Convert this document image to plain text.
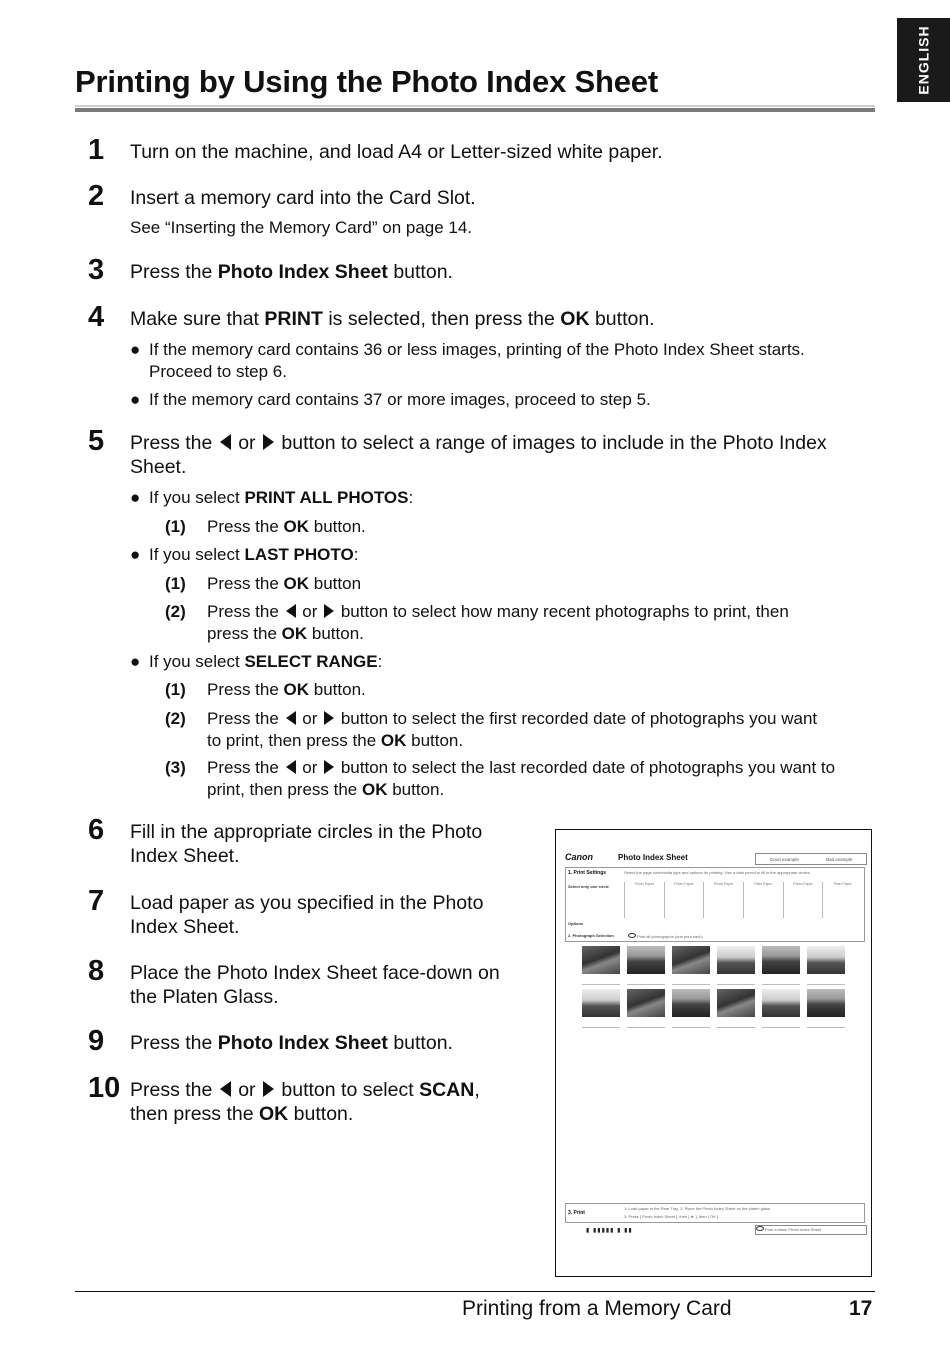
ENGLISH
Printing by Using the Photo Index Sheet
1 Turn on the machine, and load A4 or Letter-sized white paper.
2 Insert a memory card into the Card Slot.
See “Inserting the Memory Card” on page 14.
3 Press the Photo Index Sheet button.
4 Make sure that PRINT is selected, then press the OK button.
● If the memory card contains 36 or less images, printing of the Photo Index Sheet starts.
Proceed to step 6.
● If the memory card contains 37 or more images, proceed to step 5.
5 Press the  or  button to select a range of images to include in the Photo Index
Sheet.
● If you select PRINT ALL PHOTOS:
(1) Press the OK button.
● If you select LAST PHOTO:
(1) Press the OK button
(2) Press the  or  button to select how many recent photographs to print, then
press the OK button.
● If you select SELECT RANGE:
(1) Press the OK button.
(2) Press the  or  button to select the first recorded date of photographs you want
to print, then press the OK button.
(3) Press the  or  button to select the last recorded date of photographs you want to
print, then press the OK button.
6 Fill in the appropriate circles in the Photo
Index Sheet.
7 Load paper as you specified in the Photo
Index Sheet.
8 Place the Photo Index Sheet face-down on
the Platen Glass.
9 Press the Photo Index Sheet button.
10 Press the  or  button to select SCAN,
then press the OK button.
Canon	Photo Index Sheet	Good example	Bad example
1. Print Settings	Select the page size/media type and options for printing. Use a dark pencil to fill in the appropriate circles.
Select only one circle	Photo Paper	Photo Paper	Photo Paper	Plain Paper	Photo Paper	Plain Paper
Options
2. Photograph Selection	Print all photographs (one print each)
3. Print
1: Load paper in the Rear Tray. 2: Place the Photo Index Sheet on the platen glass.
3: Press [ Photo Index Sheet ], then [ ► ], then [ OK ].
▮ ▮▮▮▮▮ ▮ ▮▮	Print a blank Photo Index Sheet
Printing from a Memory Card	17
